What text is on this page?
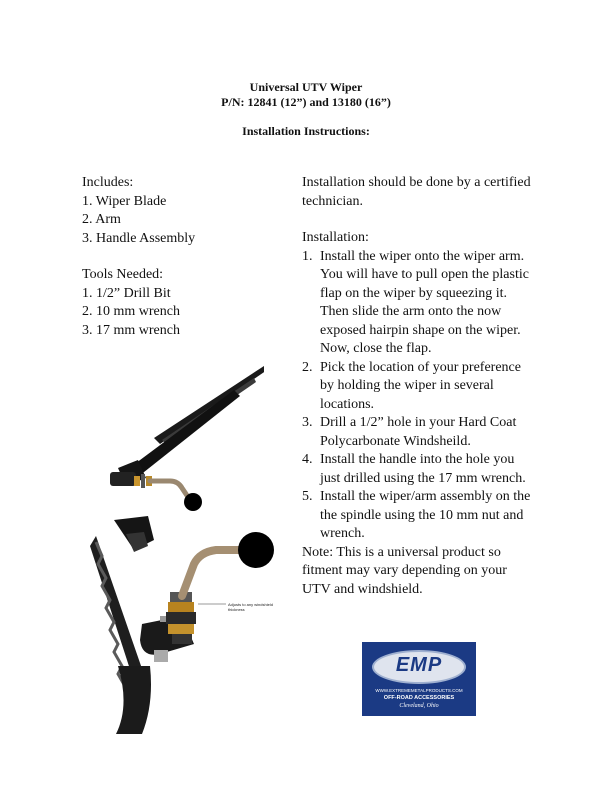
Universal UTV Wiper
P/N: 12841 (12”) and 13180 (16”)
Installation Instructions:
Includes:
1. Wiper Blade
2. Arm
3. Handle Assembly
Tools Needed:
1. 1/2” Drill Bit
2. 10 mm wrench
3. 17 mm wrench
Installation should be done by a certified technician.
Installation:
1. Install the wiper onto the wiper arm. You will have to pull open the plastic flap on the wiper by squeezing it. Then slide the arm onto the now exposed hairpin shape on the wiper. Now, close the flap.
2. Pick the location of your preference by holding the wiper in several locations.
3. Drill a 1/2” hole in your Hard Coat Polycarbonate Windsheild.
4. Install the handle into the hole you just drilled using the 17 mm wrench.
5. Install the wiper/arm assembly on the the spindle using the 10 mm nut and wrench.
Note: This is a universal product so fitment may vary depending on your UTV and windshield.
Adjusts to any windshield thickness
EMP
WWW.EXTREMEMETALPRODUCTS.COM
OFF-ROAD ACCESSORIES
Cleveland, Ohio
